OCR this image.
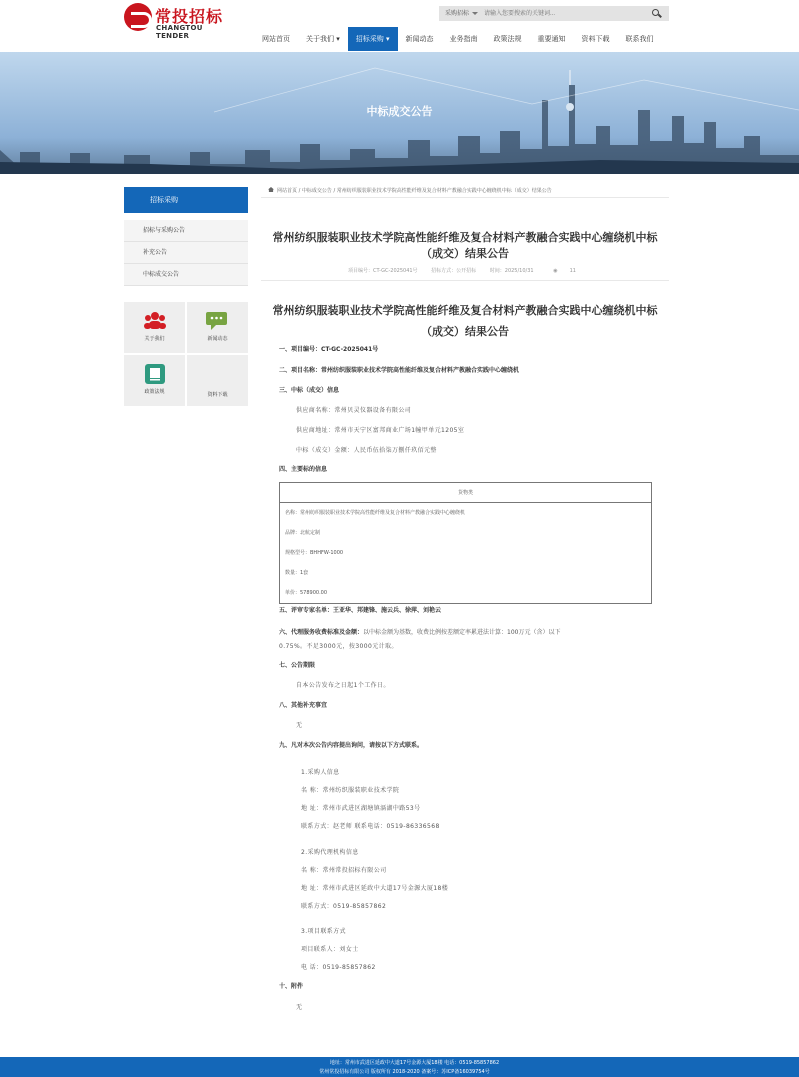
常投招标
CHANGTOU TENDER
采购招标
请输入您要搜索的关键词...
网站首页	关于我们 ▾	招标采购 ▾	新闻动态	业务指南	政策法规	重要通知	资料下载	联系我们
中标成交公告
招标采购
招标与采购公告
补充公告
中标成交公告
关于我们	新闻动态
政策法规	资料下载
网站首页 / 中标成交公告 / 常州纺织服装职业技术学院高性能纤维及复合材料产教融合实践中心缠绕机中标（成交）结果公告
常州纺织服装职业技术学院高性能纤维及复合材料产教融合实践中心缠绕机中标（成交）结果公告
项目编号：CT-GC-2025041号	招标方式：公开招标	时间：2025/10/31	◉ 11
常州纺织服装职业技术学院高性能纤维及复合材料产教融合实践中心缠绕机中标（成交）结果公告
一、项目编号：CT-GC-2025041号
二、项目名称：常州纺织服装职业技术学院高性能纤维及复合材料产教融合实践中心缠绕机
三、中标（成交）信息
供应商名称：常州贝灵仪器设备有限公司
供应商地址：常州市天宁区富邦商业广场1幢甲单元1205室
中标（成交）金额：人民币伍拾柒万捌仟玖佰元整
四、主要标的信息
货物类
名称：常州纺织服装职业技术学院高性能纤维及复合材料产教融合实践中心缠绕机
品牌：北航定制
规格型号：BHHFW-1000
数量：1套
单价：578900.00
五、评审专家名单：王亚华、邦建锋、施云兵、徐萍、刘艳云
六、代理服务收费标准及金额：以中标金额为基数，收费比例按差额定率累进法计算：100万元（含）以下
0.75%。不足3000元，按3000元计取。
七、公告期限
自本公告发布之日起1个工作日。
八、其他补充事宜
无
九、凡对本次公告内容提出询问，请按以下方式联系。
1.采购人信息
名 称：常州纺织服装职业技术学院
地 址：常州市武进区湖塘镇滆湖中路53号
联系方式：赵老师 联系电话：0519-86336568
2.采购代理机构信息
名 称：常州常投招标有限公司
地 址：常州市武进区延政中大道17号金源大厦18楼
联系方式：0519-85857862
3.项目联系方式
项目联系人：刘女士
电 话：0519-85857862
十、附件
无
地址：常州市武进区延政中大道17号金源大厦18楼 电话：0519-85857862
常州常投招标有限公司 版权所有 2018-2020 备案号：苏ICP备16039754号
